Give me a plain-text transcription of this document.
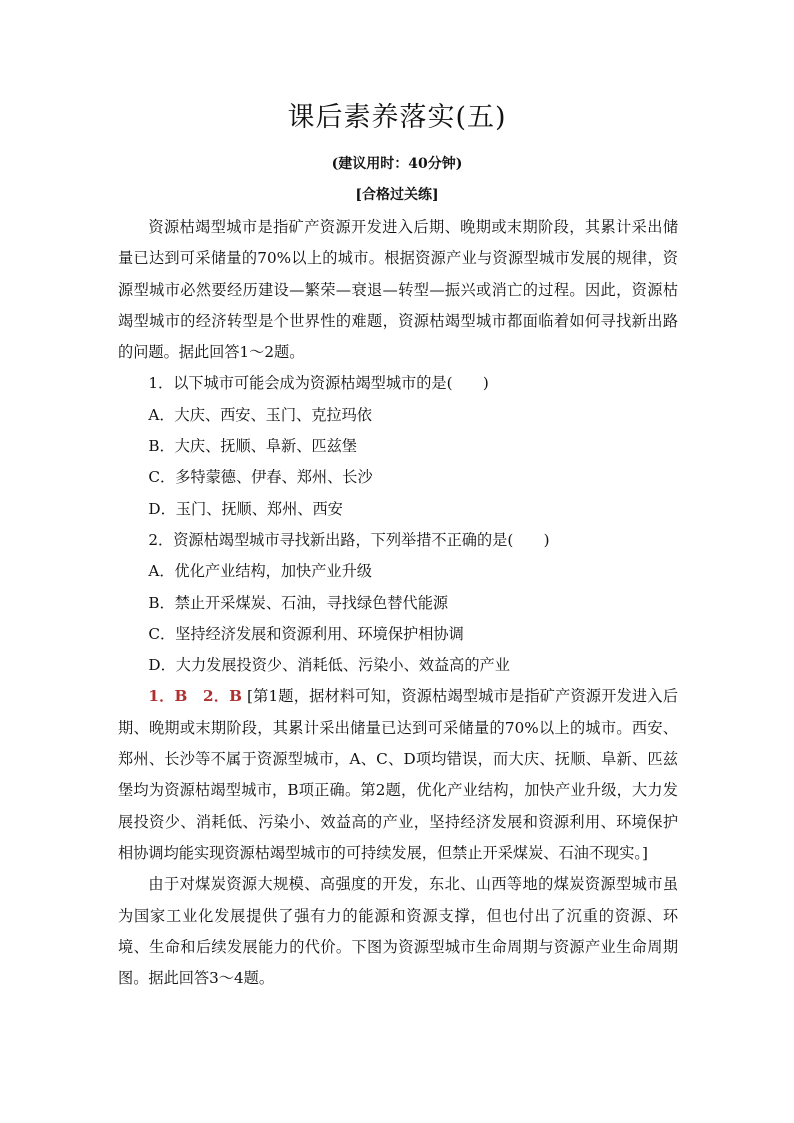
课后素养落实(五)
(建议用时：40分钟)
[合格过关练]

资源枯竭型城市是指矿产资源开发进入后期、晚期或末期阶段，其累计采出储量已达到可采储量的70%以上的城市。根据资源产业与资源型城市发展的规律，资源型城市必然要经历建设—繁荣—衰退—转型—振兴或消亡的过程。因此，资源枯竭型城市的经济转型是个世界性的难题，资源枯竭型城市都面临着如何寻找新出路的问题。据此回答1～2题。

1．以下城市可能会成为资源枯竭型城市的是(　　)

A．大庆、西安、玉门、克拉玛依

B．大庆、抚顺、阜新、匹兹堡

C．多特蒙德、伊春、郑州、长沙

D．玉门、抚顺、郑州、西安

2．资源枯竭型城市寻找新出路，下列举措不正确的是(　　)

A．优化产业结构，加快产业升级

B．禁止开采煤炭、石油，寻找绿色替代能源

C．坚持经济发展和资源利用、环境保护相协调

D．大力发展投资少、消耗低、污染小、效益高的产业

1．B　2．B [第1题，据材料可知，资源枯竭型城市是指矿产资源开发进入后期、晚期或末期阶段，其累计采出储量已达到可采储量的70%以上的城市。西安、郑州、长沙等不属于资源型城市，A、C、D项均错误，而大庆、抚顺、阜新、匹兹堡均为资源枯竭型城市，B项正确。第2题，优化产业结构，加快产业升级，大力发展投资少、消耗低、污染小、效益高的产业，坚持经济发展和资源利用、环境保护相协调均能实现资源枯竭型城市的可持续发展，但禁止开采煤炭、石油不现实。]

由于对煤炭资源大规模、高强度的开发，东北、山西等地的煤炭资源型城市虽为国家工业化发展提供了强有力的能源和资源支撑，但也付出了沉重的资源、环境、生命和后续发展能力的代价。下图为资源型城市生命周期与资源产业生命周期图。据此回答3～4题。
